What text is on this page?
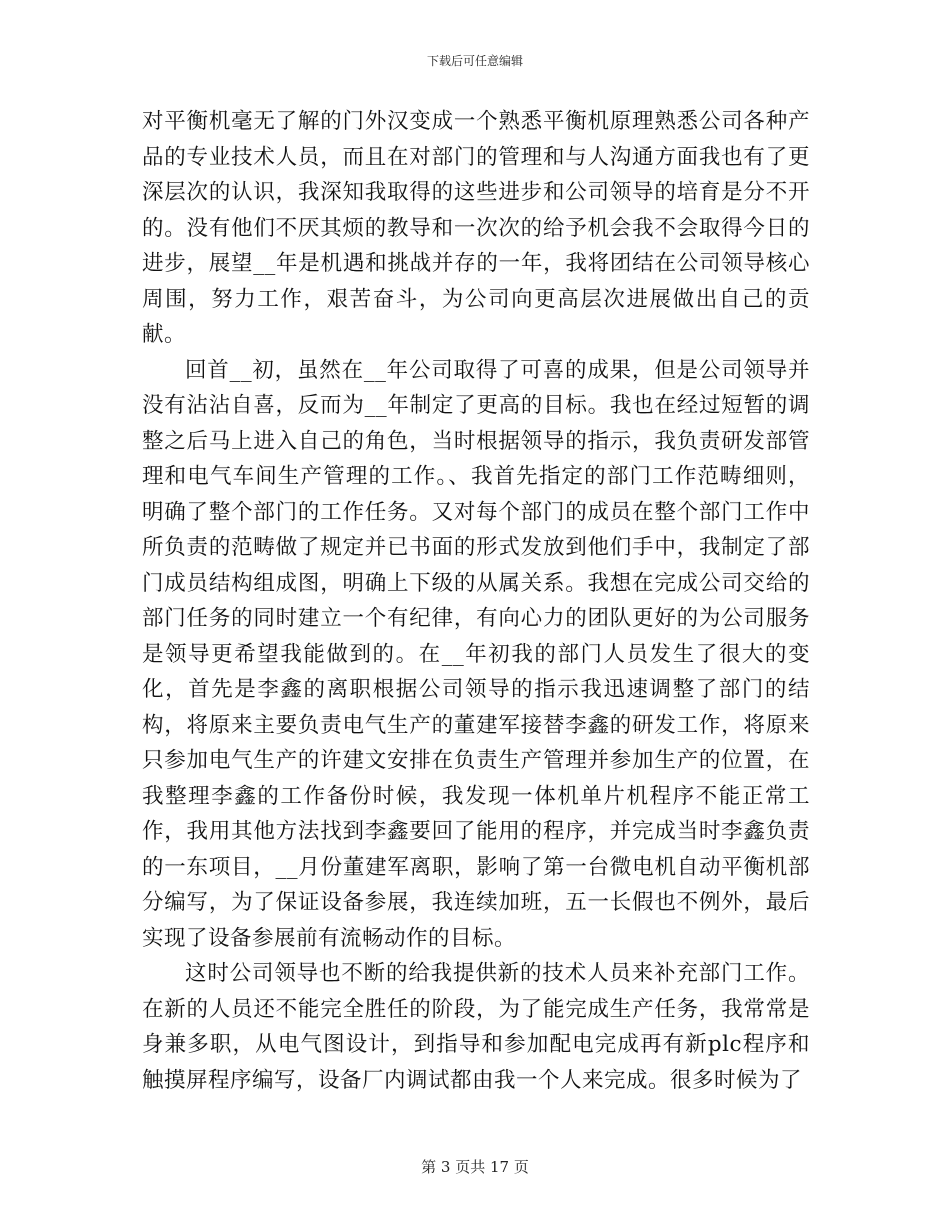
下载后可任意编辑

对平衡机毫无了解的门外汉变成一个熟悉平衡机原理熟悉公司各种产品的专业技术人员，而且在对部门的管理和与人沟通方面我也有了更深层次的认识，我深知我取得的这些进步和公司领导的培育是分不开的。没有他们不厌其烦的教导和一次次的给予机会我不会取得今日的进步，展望__年是机遇和挑战并存的一年，我将团结在公司领导核心周围，努力工作，艰苦奋斗，为公司向更高层次进展做出自己的贡献。

回首__初，虽然在__年公司取得了可喜的成果，但是公司领导并没有沾沾自喜，反而为__年制定了更高的目标。我也在经过短暂的调整之后马上进入自己的角色，当时根据领导的指示，我负责研发部管理和电气车间生产管理的工作。、我首先指定的部门工作范畴细则，明确了整个部门的工作任务。又对每个部门的成员在整个部门工作中所负责的范畴做了规定并已书面的形式发放到他们手中，我制定了部门成员结构组成图，明确上下级的从属关系。我想在完成公司交给的部门任务的同时建立一个有纪律，有向心力的团队更好的为公司服务是领导更希望我能做到的。在__年初我的部门人员发生了很大的变化，首先是李鑫的离职根据公司领导的指示我迅速调整了部门的结构，将原来主要负责电气生产的董建军接替李鑫的研发工作，将原来只参加电气生产的许建文安排在负责生产管理并参加生产的位置，在我整理李鑫的工作备份时候，我发现一体机单片机程序不能正常工作，我用其他方法找到李鑫要回了能用的程序，并完成当时李鑫负责的一东项目，__月份董建军离职，影响了第一台微电机自动平衡机部分编写，为了保证设备参展，我连续加班，五一长假也不例外，最后实现了设备参展前有流畅动作的目标。

这时公司领导也不断的给我提供新的技术人员来补充部门工作。在新的人员还不能完全胜任的阶段，为了能完成生产任务，我常常是身兼多职，从电气图设计，到指导和参加配电完成再有新plc程序和触摸屏程序编写，设备厂内调试都由我一个人来完成。很多时候为了

第 3 页共 17 页
